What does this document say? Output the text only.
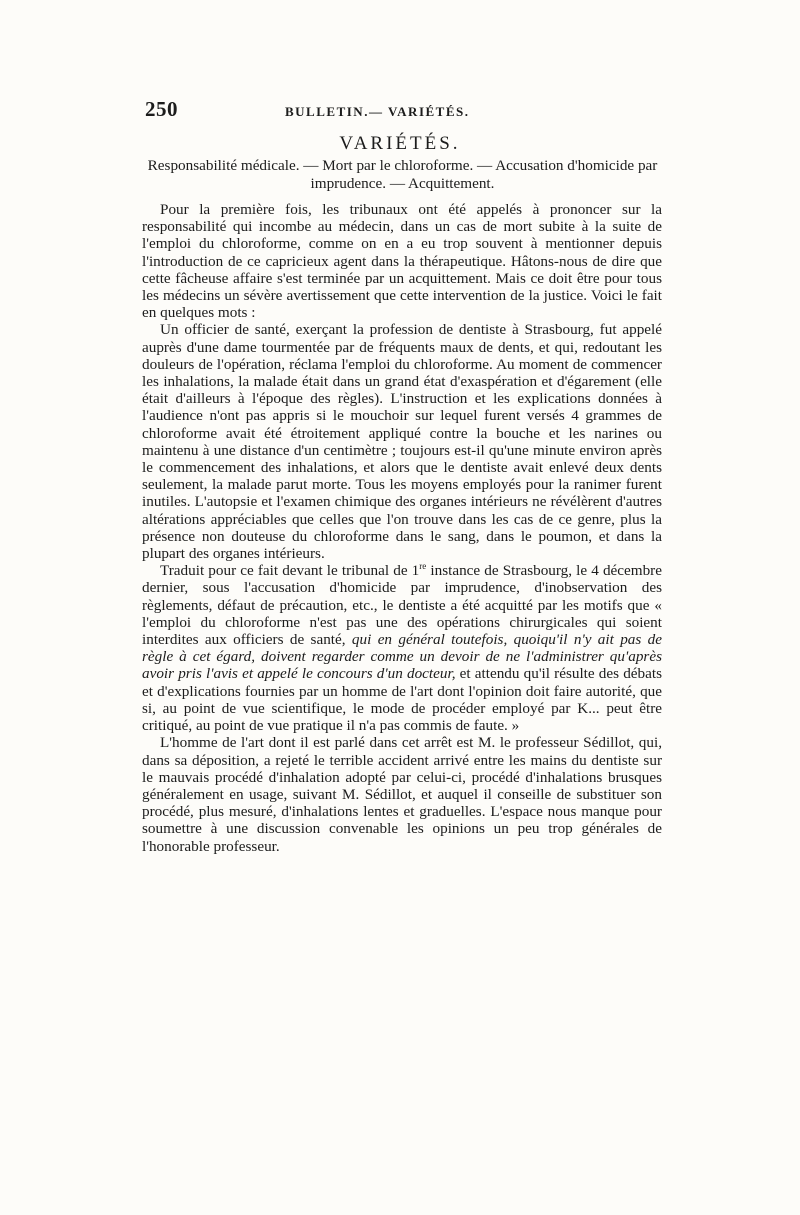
250	BULLETIN.— VARIÉTÉS.
VARIÉTÉS.
Responsabilité médicale. — Mort par le chloroforme. — Accusation d'homicide par imprudence. — Acquittement.

Pour la première fois, les tribunaux ont été appelés à prononcer sur la responsabilité qui incombe au médecin, dans un cas de mort subite à la suite de l'emploi du chloroforme, comme on en a eu trop souvent à mentionner depuis l'introduction de ce capricieux agent dans la thérapeutique. Hâtons-nous de dire que cette fâcheuse affaire s'est terminée par un acquittement. Mais ce doit être pour tous les médecins un sévère avertissement que cette intervention de la justice. Voici le fait en quelques mots :

Un officier de santé, exerçant la profession de dentiste à Strasbourg, fut appelé auprès d'une dame tourmentée par de fréquents maux de dents, et qui, redoutant les douleurs de l'opération, réclama l'emploi du chloroforme. Au moment de commencer les inhalations, la malade était dans un grand état d'exaspération et d'égarement (elle était d'ailleurs à l'époque des règles). L'instruction et les explications données à l'audience n'ont pas appris si le mouchoir sur lequel furent versés 4 grammes de chloroforme avait été étroitement appliqué contre la bouche et les narines ou maintenu à une distance d'un centimètre ; toujours est-il qu'une minute environ après le commencement des inhalations, et alors que le dentiste avait enlevé deux dents seulement, la malade parut morte. Tous les moyens employés pour la ranimer furent inutiles. L'autopsie et l'examen chimique des organes intérieurs ne révélèrent d'autres altérations appréciables que celles que l'on trouve dans les cas de ce genre, plus la présence non douteuse du chloroforme dans le sang, dans le poumon, et dans la plupart des organes intérieurs.

Traduit pour ce fait devant le tribunal de 1re instance de Strasbourg, le 4 décembre dernier, sous l'accusation d'homicide par imprudence, d'inobservation des règlements, défaut de précaution, etc., le dentiste a été acquitté par les motifs que « l'emploi du chloroforme n'est pas une des opérations chirurgicales qui soient interdites aux officiers de santé, qui en général toutefois, quoiqu'il n'y ait pas de règle à cet égard, doivent regarder comme un devoir de ne l'administrer qu'après avoir pris l'avis et appelé le concours d'un docteur, et attendu qu'il résulte des débats et d'explications fournies par un homme de l'art dont l'opinion doit faire autorité, que si, au point de vue scientifique, le mode de procéder employé par K... peut être critiqué, au point de vue pratique il n'a pas commis de faute. »

L'homme de l'art dont il est parlé dans cet arrêt est M. le professeur Sédillot, qui, dans sa déposition, a rejeté le terrible accident arrivé entre les mains du dentiste sur le mauvais procédé d'inhalation adopté par celui-ci, procédé d'inhalations brusques généralement en usage, suivant M. Sédillot, et auquel il conseille de substituer son procédé, plus mesuré, d'inhalations lentes et graduelles. L'espace nous manque pour soumettre à une discussion convenable les opinions un peu trop générales de l'honorable professeur.
